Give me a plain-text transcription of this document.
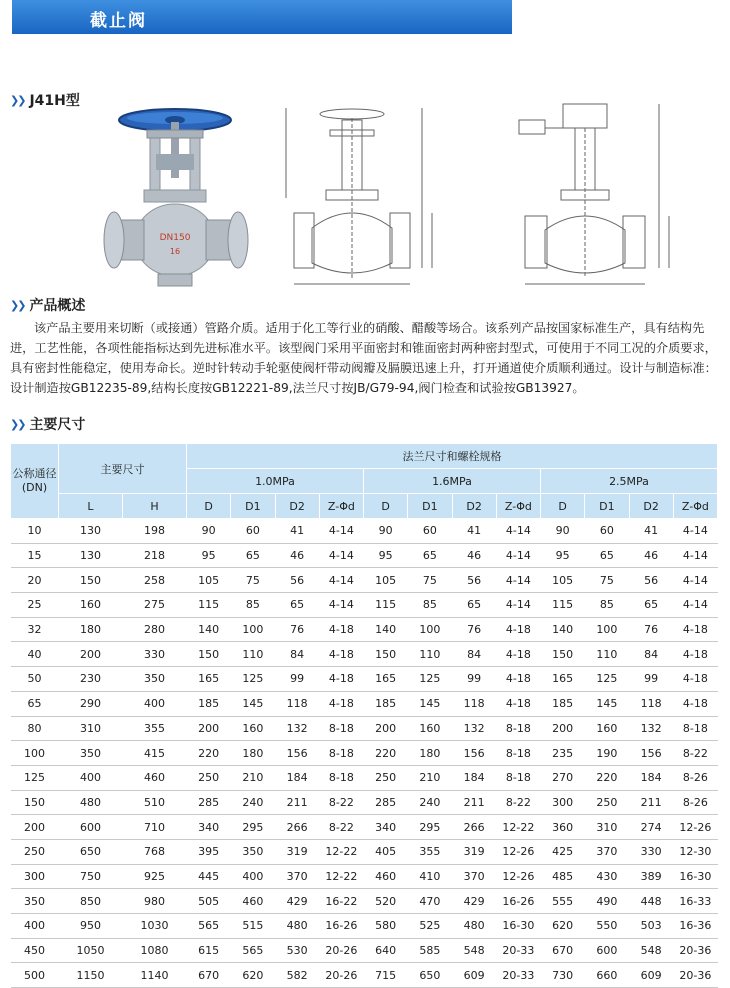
截止阀
❯❯ J41H型
DN150
16
❯❯ 产品概述

该产品主要用来切断（或接通）管路介质。适用于化工等行业的硝酸、醋酸等场合。该系列产品按国家标准生产，具有结构先进，工艺性能，各项性能指标达到先进标准水平。该型阀门采用平面密封和锥面密封两种密封型式，可使用于不同工况的介质要求，具有密封性能稳定，使用寿命长。逆时针转动手轮驱使阀杆带动阀瓣及膈膜迅速上升，打开通道使介质顺利通过。设计与制造标准：设计制造按GB12235-89,结构长度按GB12221-89,法兰尺寸按JB/G79-94,阀门检查和试验按GB13927。

❯❯ 主要尺寸
公称通径(DN)	主要尺寸		法兰尺寸和螺栓规格											
			1.0MPa				1.6MPa				2.5MPa			
	L	H	D	D1	D2	Z-Φd	D	D1	D2	Z-Φd	D	D1	D2	Z-Φd
10	130	198	90	60	41	4-14	90	60	41	4-14	90	60	41	4-14
15	130	218	95	65	46	4-14	95	65	46	4-14	95	65	46	4-14
20	150	258	105	75	56	4-14	105	75	56	4-14	105	75	56	4-14
25	160	275	115	85	65	4-14	115	85	65	4-14	115	85	65	4-14
32	180	280	140	100	76	4-18	140	100	76	4-18	140	100	76	4-18
40	200	330	150	110	84	4-18	150	110	84	4-18	150	110	84	4-18
50	230	350	165	125	99	4-18	165	125	99	4-18	165	125	99	4-18
65	290	400	185	145	118	4-18	185	145	118	4-18	185	145	118	4-18
80	310	355	200	160	132	8-18	200	160	132	8-18	200	160	132	8-18
100	350	415	220	180	156	8-18	220	180	156	8-18	235	190	156	8-22
125	400	460	250	210	184	8-18	250	210	184	8-18	270	220	184	8-26
150	480	510	285	240	211	8-22	285	240	211	8-22	300	250	211	8-26
200	600	710	340	295	266	8-22	340	295	266	12-22	360	310	274	12-26
250	650	768	395	350	319	12-22	405	355	319	12-26	425	370	330	12-30
300	750	925	445	400	370	12-22	460	410	370	12-26	485	430	389	16-30
350	850	980	505	460	429	16-22	520	470	429	16-26	555	490	448	16-33
400	950	1030	565	515	480	16-26	580	525	480	16-30	620	550	503	16-36
450	1050	1080	615	565	530	20-26	640	585	548	20-33	670	600	548	20-36
500	1150	1140	670	620	582	20-26	715	650	609	20-33	730	660	609	20-36
